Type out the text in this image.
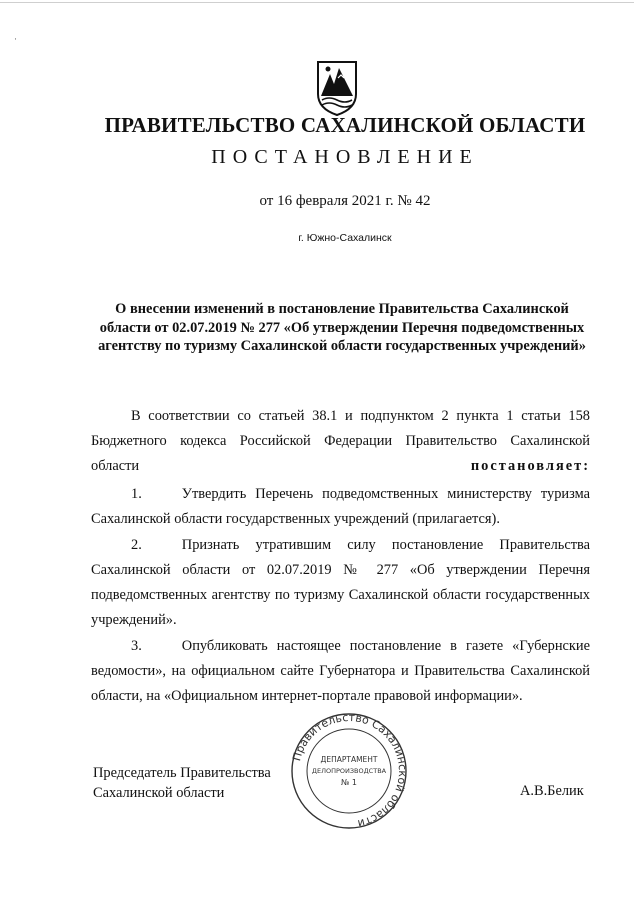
·
ПРАВИТЕЛЬСТВО САХАЛИНСКОЙ ОБЛАСТИ
ПОСТАНОВЛЕНИЕ
от 16 февраля 2021 г. № 42
г. Южно-Сахалинск
О внесении изменений в постановление Правительства Сахалинской области от 02.07.2019 № 277 «Об утверждении Перечня подведомственных агентству по туризму Сахалинской области государственных учреждений»
В соответствии со статьей 38.1 и подпунктом 2 пункта 1 статьи 158 Бюджетного кодекса Российской Федерации Правительство Сахалинской области	постановляет:
1.	Утвердить Перечень подведомственных министерству туризма Сахалинской области государственных учреждений (прилагается).
2.	Признать утратившим силу постановление Правительства Сахалинской области от 02.07.2019 № 277 «Об утверждении Перечня подведомственных агентству по туризму Сахалинской области государственных учреждений».
3.	Опубликовать настоящее постановление в газете «Губернские ведомости», на официальном сайте Губернатора и Правительства Сахалинской области, на «Официальном интернет-портале правовой информации».
Правительство Сахалинской области
ДЕПАРТАМЕНТ
ДЕЛОПРОИЗВОДСТВА
№ 1
Председатель Правительства
Сахалинской области	А.В.Белик
